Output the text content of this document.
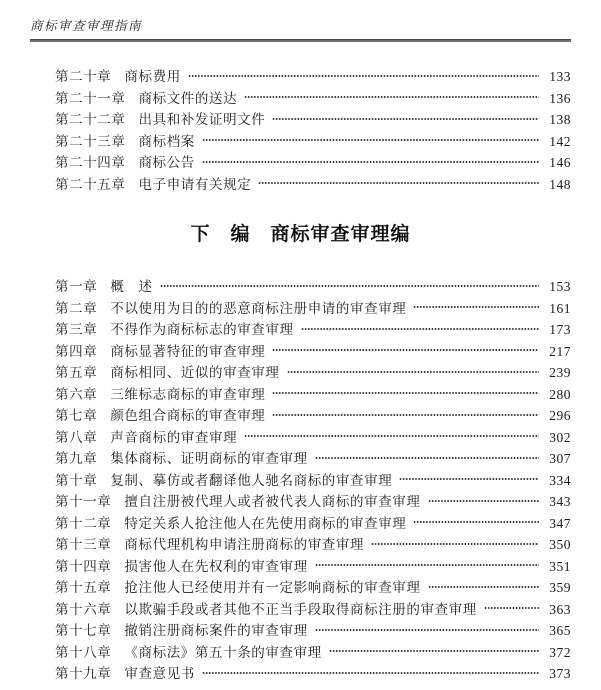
商标审查审理指南
第二十章 商标费用	133
第二十一章 商标文件的送达	136
第二十二章 出具和补发证明文件	138
第二十三章 商标档案	142
第二十四章 商标公告	146
第二十五章 电子申请有关规定	148
下　编　商标审查审理编
第一章 概　述	153
第二章 不以使用为目的的恶意商标注册申请的审查审理	161
第三章 不得作为商标标志的审查审理	173
第四章 商标显著特征的审查审理	217
第五章 商标相同、近似的审查审理	239
第六章 三维标志商标的审查审理	280
第七章 颜色组合商标的审查审理	296
第八章 声音商标的审查审理	302
第九章 集体商标、证明商标的审查审理	307
第十章 复制、摹仿或者翻译他人驰名商标的审查审理	334
第十一章 擅自注册被代理人或者被代表人商标的审查审理	343
第十二章 特定关系人抢注他人在先使用商标的审查审理	347
第十三章 商标代理机构申请注册商标的审查审理	350
第十四章 损害他人在先权利的审查审理	351
第十五章 抢注他人已经使用并有一定影响商标的审查审理	359
第十六章 以欺骗手段或者其他不正当手段取得商标注册的审查审理	363
第十七章 撤销注册商标案件的审查审理	365
第十八章 《商标法》第五十条的审查审理	372
第十九章 审查意见书	373
